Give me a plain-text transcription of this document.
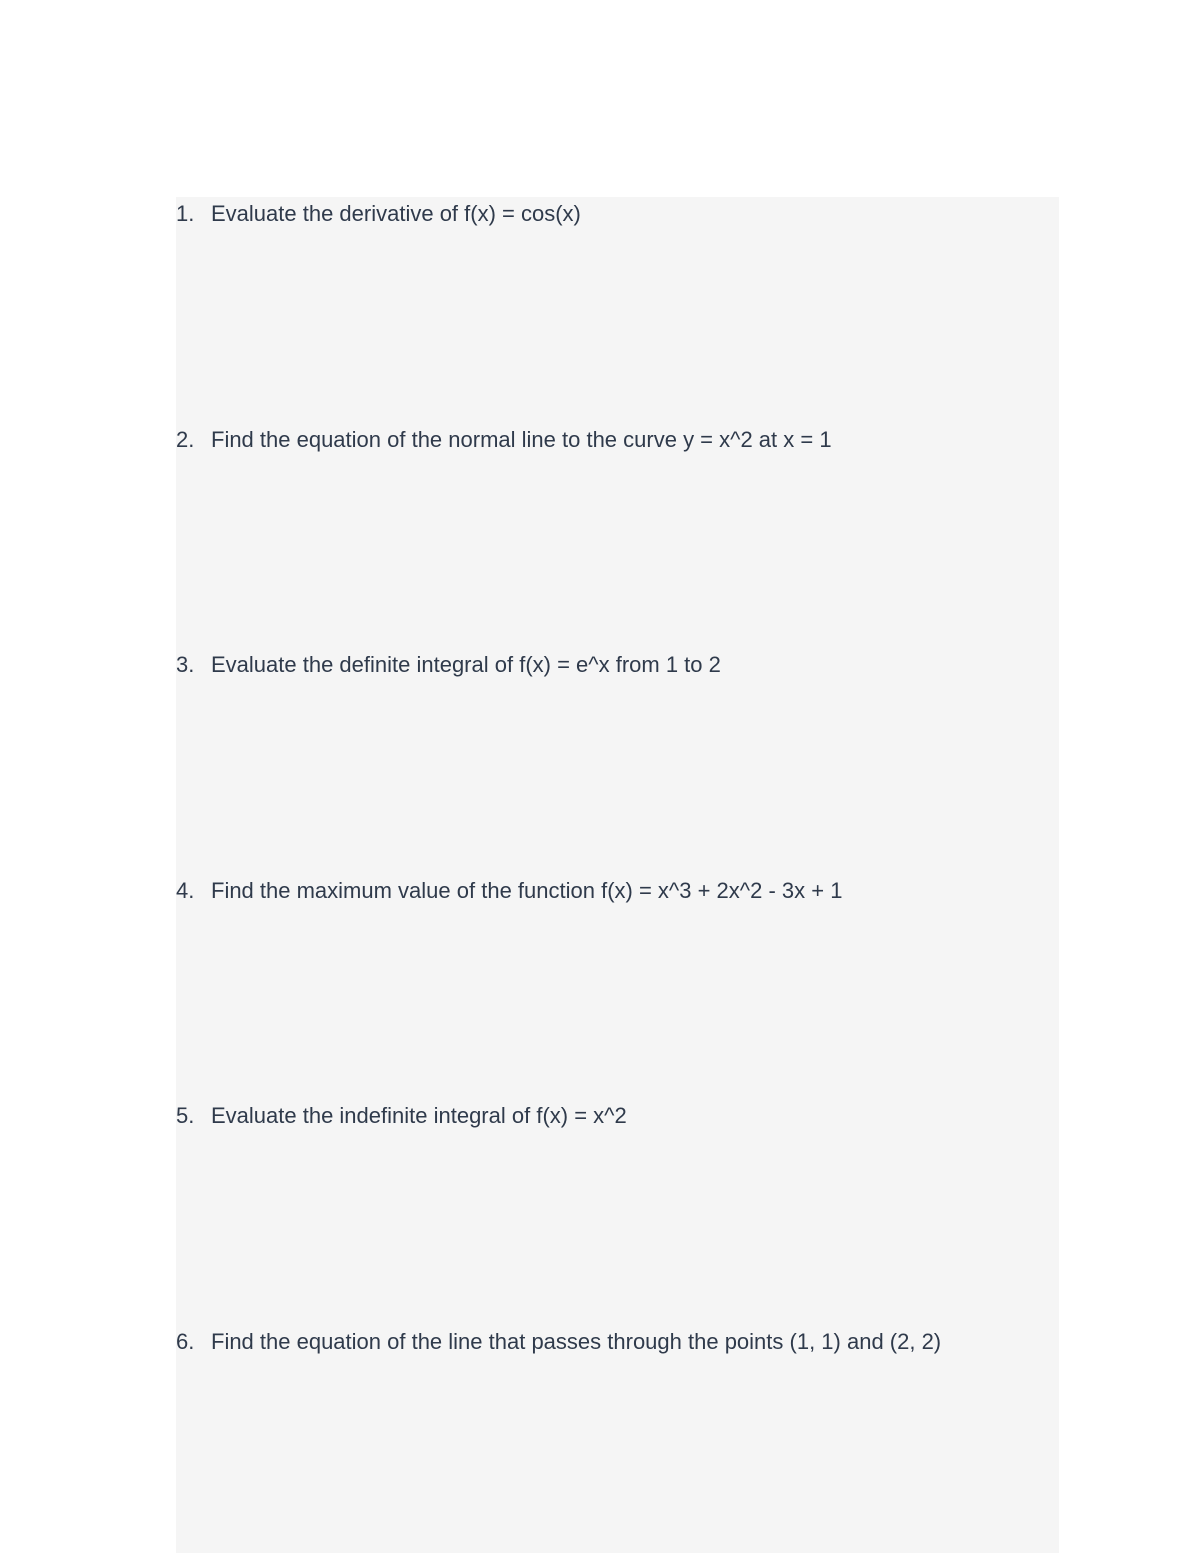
1. Evaluate the derivative of f(x) = cos(x)
2. Find the equation of the normal line to the curve y = x^2 at x = 1
3. Evaluate the definite integral of f(x) = e^x from 1 to 2
4. Find the maximum value of the function f(x) = x^3 + 2x^2 - 3x + 1
5. Evaluate the indefinite integral of f(x) = x^2
6. Find the equation of the line that passes through the points (1, 1) and (2, 2)
